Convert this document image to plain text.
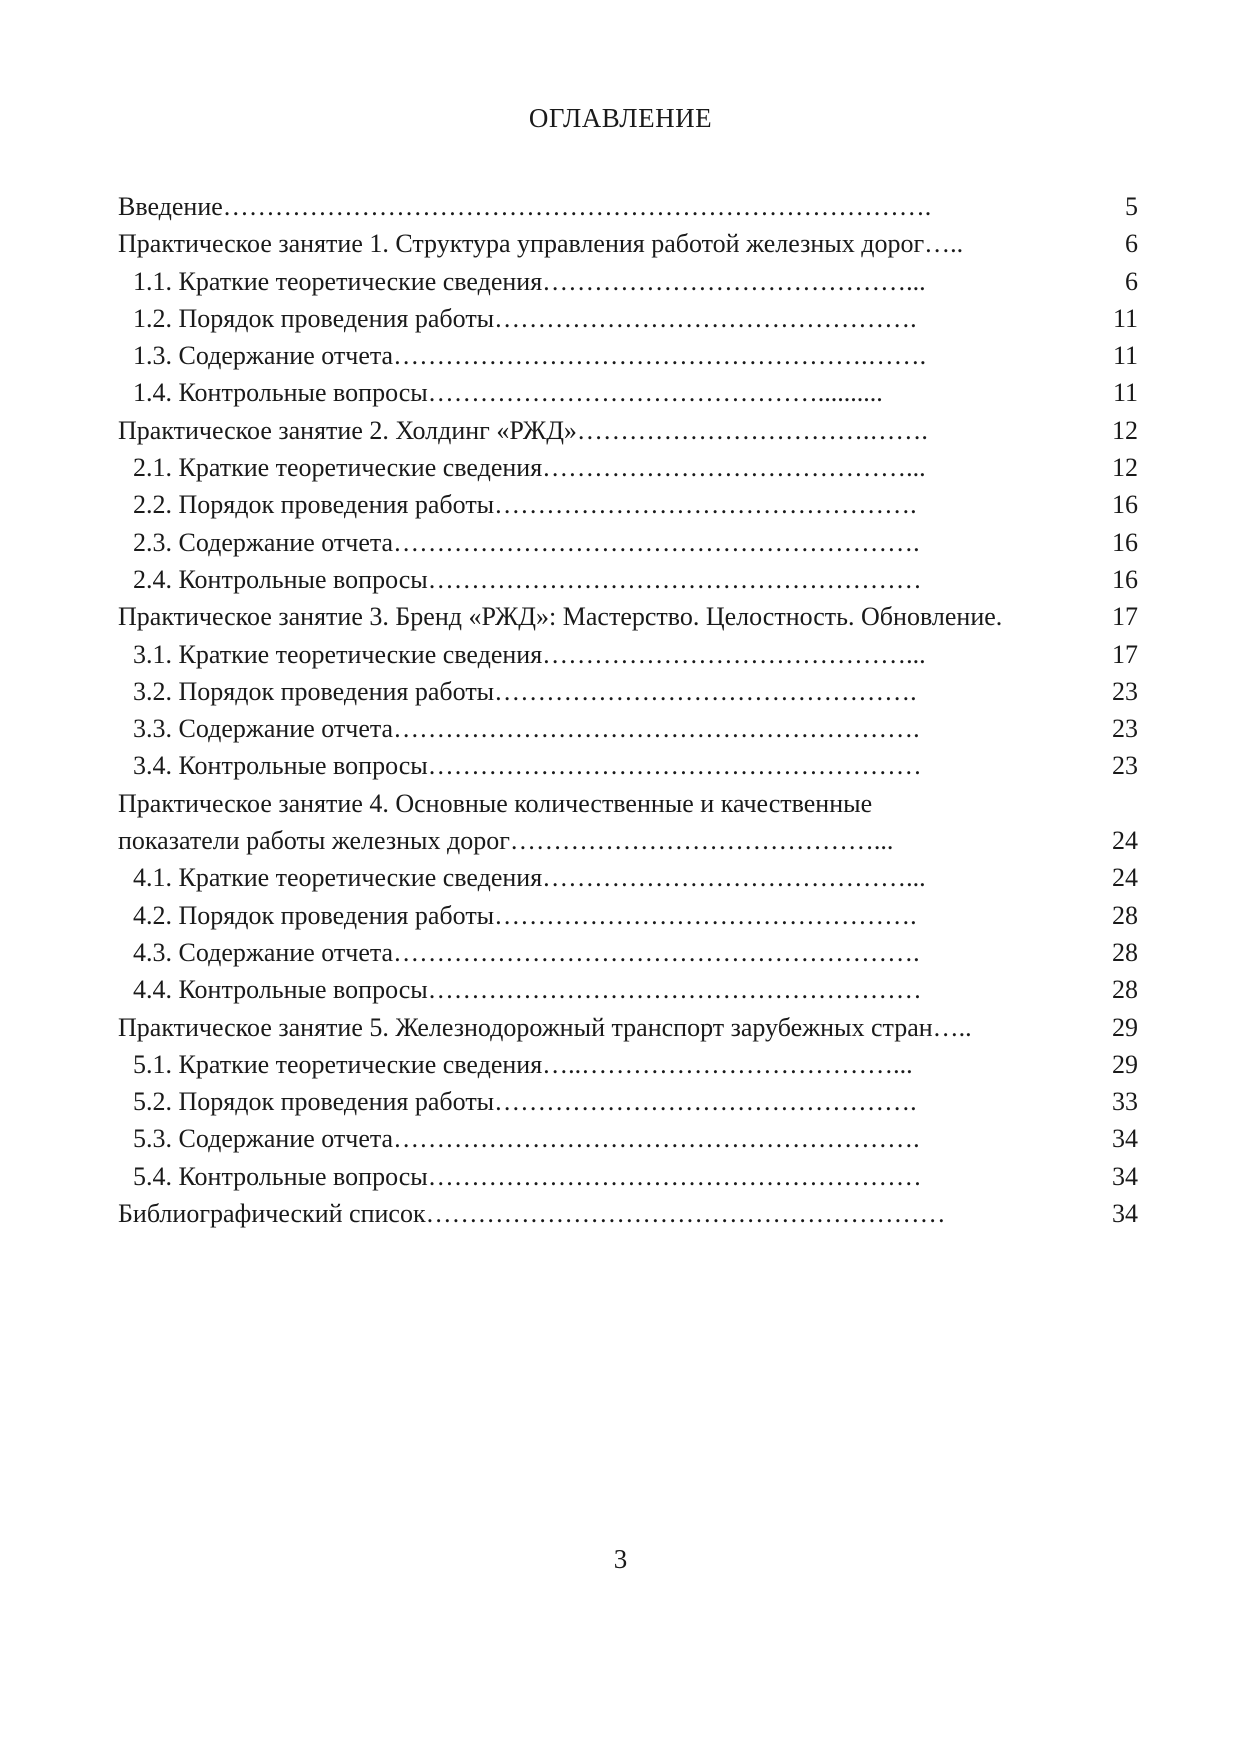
ОГЛАВЛЕНИЕ
Введение……………………………………………………………………….	5
Практическое занятие 1. Структура управления работой железных дорог…..	6
1.1. Краткие теоретические сведения……………………………………...	6
1.2. Порядок проведения работы………………………………………….	11
1.3. Содержание отчета……………………………………………….…….	11
1.4. Контрольные вопросы………………………………………..........	11
Практическое занятие 2. Холдинг «РЖД»…………………………….…….	12
2.1. Краткие теоретические сведения……………………………………...	12
2.2. Порядок проведения работы………………………………………….	16
2.3. Содержание отчета…………………………………………………….	16
2.4. Контрольные вопросы…………………………………………………	16
Практическое занятие 3. Бренд «РЖД»: Мастерство. Целостность. Обновление.	17
3.1. Краткие теоретические сведения……………………………………...	17
3.2. Порядок проведения работы………………………………………….	23
3.3. Содержание отчета…………………………………………………….	23
3.4. Контрольные вопросы…………………………………………………	23
Практическое занятие 4. Основные количественные и качественные
показатели работы железных дорог……………………………………...	24
4.1. Краткие теоретические сведения……………………………………...	24
4.2. Порядок проведения работы………………………………………….	28
4.3. Содержание отчета…………………………………………………….	28
4.4. Контрольные вопросы…………………………………………………	28
Практическое занятие 5. Железнодорожный транспорт зарубежных стран…..	29
5.1. Краткие теоретические сведения…..………………………………...	29
5.2. Порядок проведения работы………………………………………….	33
5.3. Содержание отчета…………………………………………………….	34
5.4. Контрольные вопросы…………………………………………………	34
Библиографический список……………………………………………………	34
3
